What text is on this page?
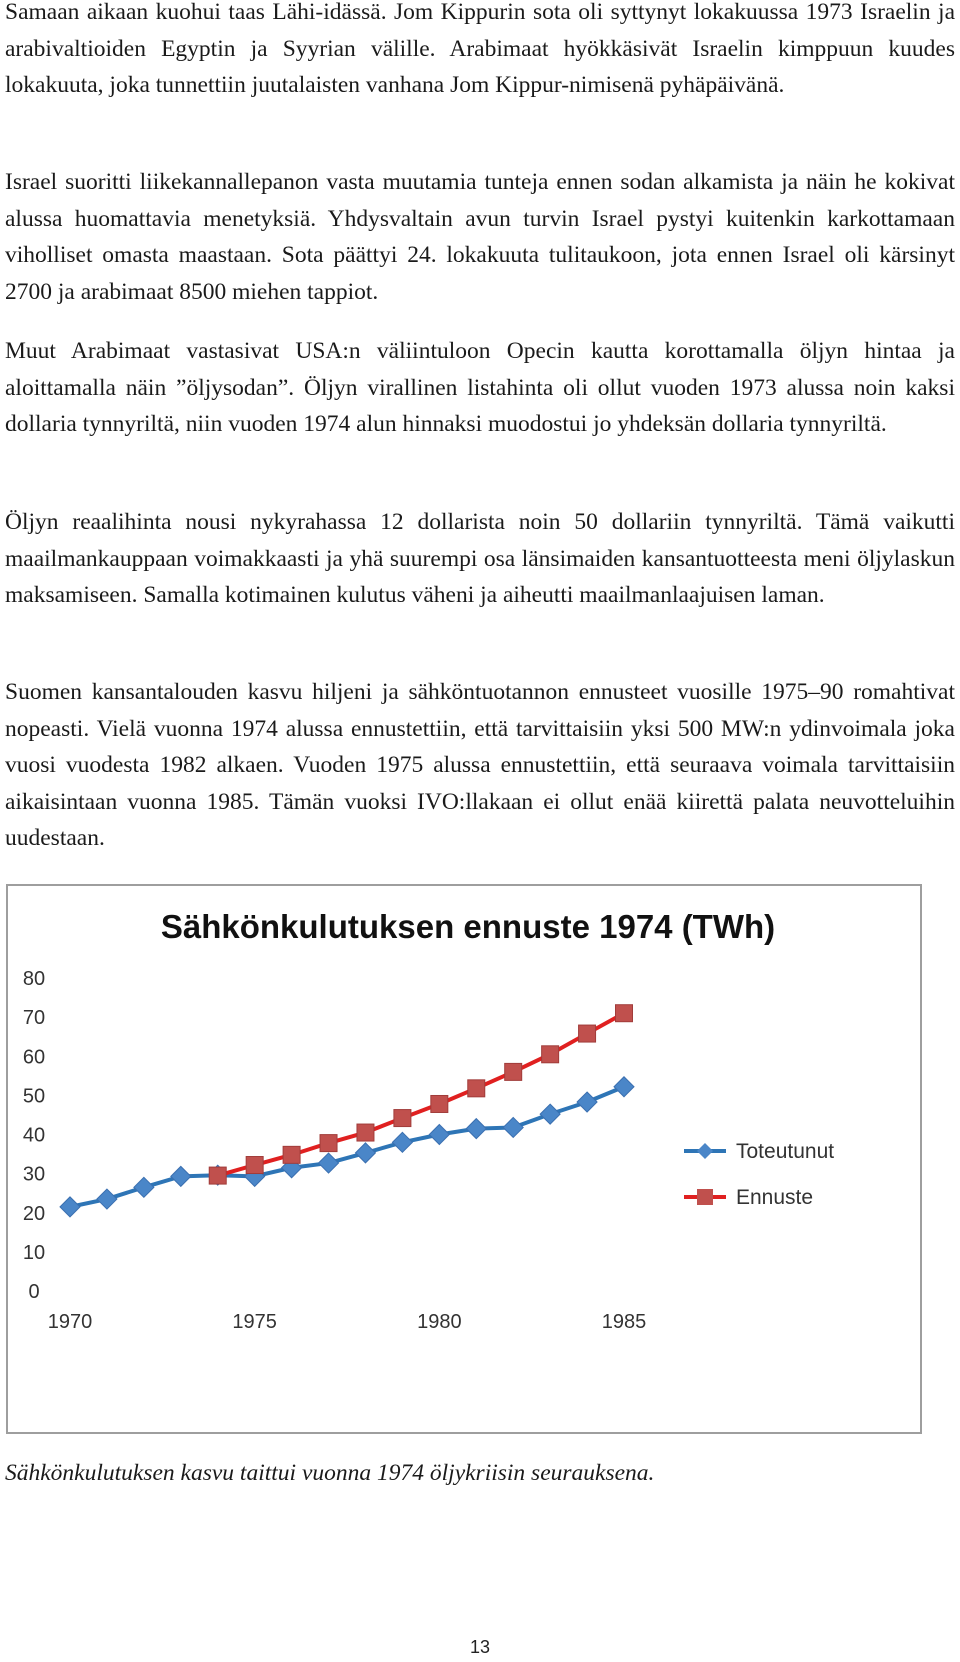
Samaan aikaan kuohui taas Lähi-idässä. Jom Kippurin sota oli syttynyt lokakuussa 1973 Israelin ja arabivaltioiden Egyptin ja Syyrian välille. Arabimaat hyökkäsivät Israelin kimppuun kuudes lokakuuta, joka tunnettiin juutalaisten vanhana Jom Kippur-nimisenä pyhäpäivänä.

Israel suoritti liikekannallepanon vasta muutamia tunteja ennen sodan alkamista ja näin he kokivat alussa huomattavia menetyksiä. Yhdysvaltain avun turvin Israel pystyi kuitenkin karkottamaan viholliset omasta maastaan. Sota päättyi 24. lokakuuta tulitaukoon, jota ennen Israel oli kärsinyt 2700 ja arabimaat 8500 miehen tappiot.

Muut Arabimaat vastasivat USA:n väliintuloon Opecin kautta korottamalla öljyn hintaa ja aloittamalla näin ”öljysodan”. Öljyn virallinen listahinta oli ollut vuoden 1973 alussa noin kaksi dollaria tynnyriltä, niin vuoden 1974 alun hinnaksi muodostui jo yhdeksän dollaria tynnyriltä.

Öljyn reaalihinta nousi nykyrahassa 12 dollarista noin 50 dollariin tynnyriltä. Tämä vaikutti maailmankauppaan voimakkaasti ja yhä suurempi osa länsimaiden kansantuotteesta meni öljylaskun maksamiseen. Samalla kotimainen kulutus väheni ja aiheutti maailmanlaajuisen laman.

Suomen kansantalouden kasvu hiljeni ja sähköntuotannon ennusteet vuosille 1975–90 romahtivat nopeasti. Vielä vuonna 1974 alussa ennustettiin, että tarvittaisiin yksi 500 MW:n ydinvoimala joka vuosi vuodesta 1982 alkaen. Vuoden 1975 alussa ennustettiin, että seuraava voimala tarvittaisiin aikaisintaan vuonna 1985. Tämän vuoksi IVO:llakaan ei ollut enää kiirettä palata neuvotteluihin uudestaan.

Sähkönkulutuksen ennuste 1974 (TWh)
0
10
20
30
40
50
60
70
80
1970	1975	1980	1985
Toteutunut
Ennuste

Sähkönkulutuksen kasvu taittui vuonna 1974 öljykriisin seurauksena.

13
